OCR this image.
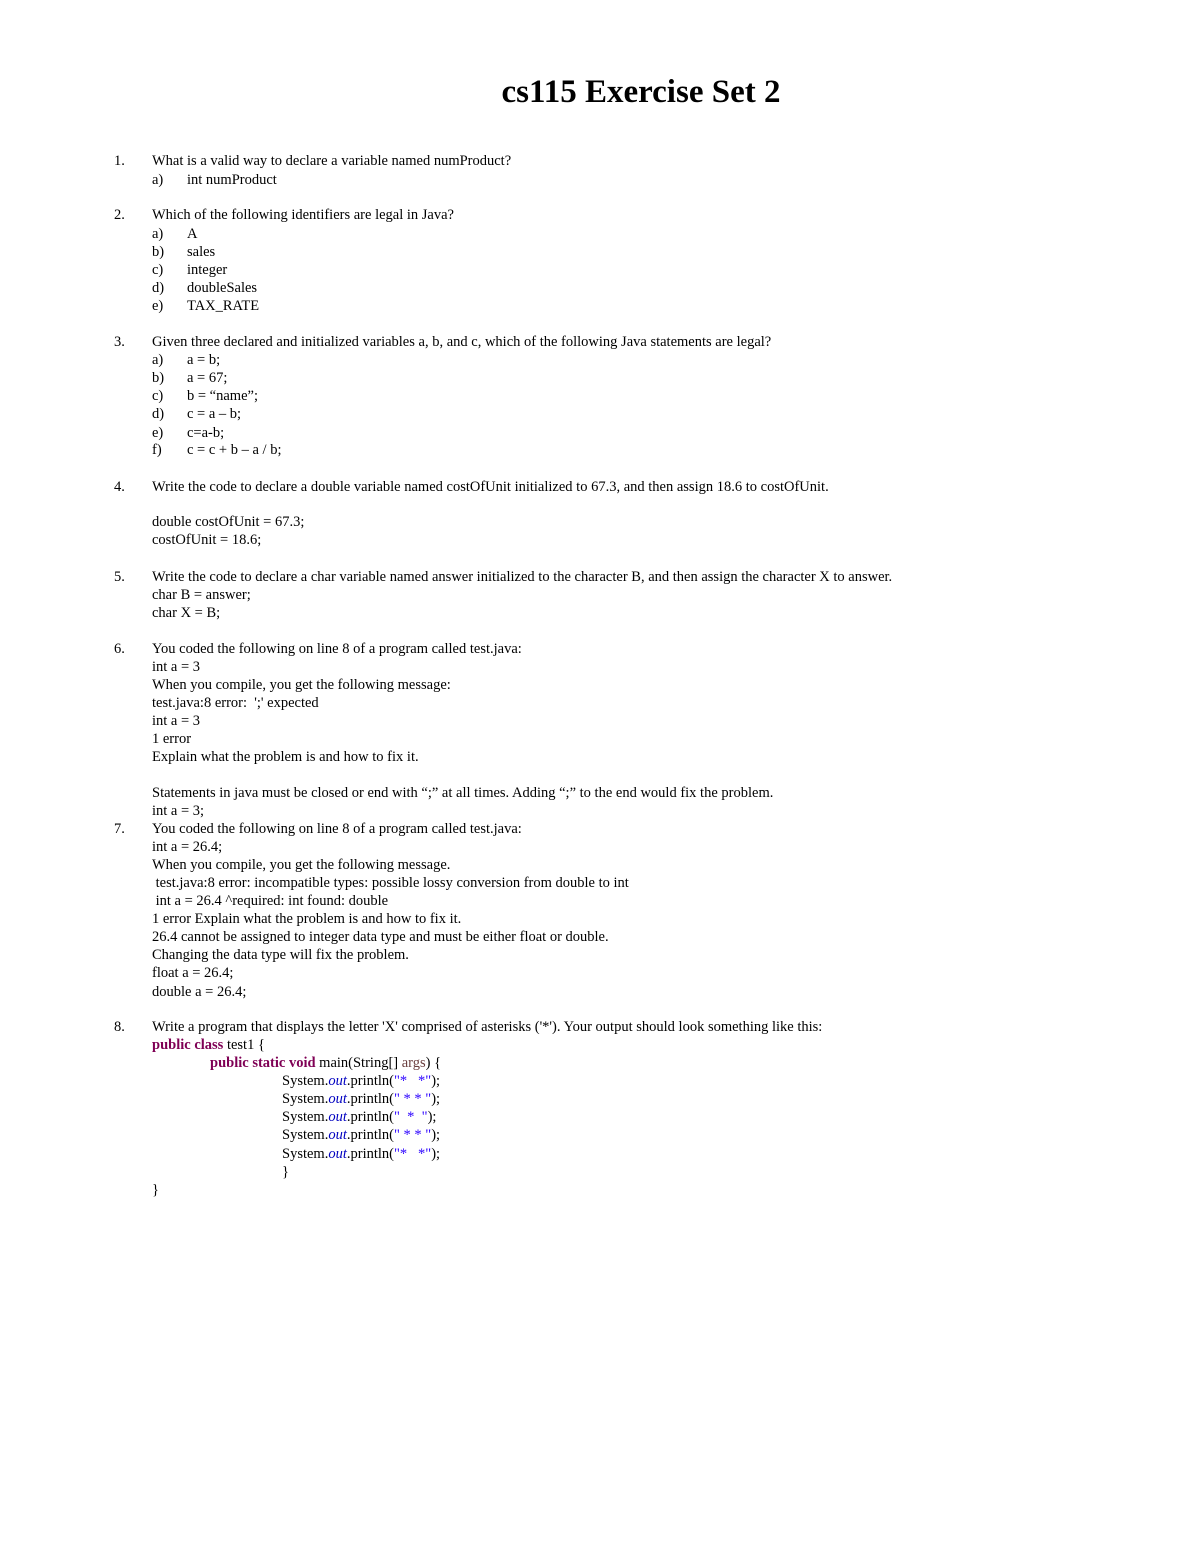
cs115 Exercise Set 2
1. What is a valid way to declare a variable named numProduct?
a) int numProduct
2. Which of the following identifiers are legal in Java?
a) A
b) sales
c) integer
d) doubleSales
e) TAX_RATE
3. Given three declared and initialized variables a, b, and c, which of the following Java statements are legal?
a) a = b;
b) a = 67;
c) b = “name”;
d) c = a – b;
e) c=a-b;
f) c = c + b – a / b;
4. Write the code to declare a double variable named costOfUnit initialized to 67.3, and then assign 18.6 to costOfUnit.
double costOfUnit = 67.3;
costOfUnit = 18.6;
5. Write the code to declare a char variable named answer initialized to the character B, and then assign the character X to answer.
char B = answer;
char X = B;
6. You coded the following on line 8 of a program called test.java:
int a = 3
When you compile, you get the following message:
test.java:8 error:  ';' expected
int a = 3
1 error
Explain what the problem is and how to fix it.
Statements in java must be closed or end with “;” at all times. Adding “;” to the end would fix the problem.
int a = 3;
7. You coded the following on line 8 of a program called test.java:
int a = 26.4;
When you compile, you get the following message.
test.java:8 error: incompatible types: possible lossy conversion from double to int
int a = 26.4 ^required: int found: double
1 error Explain what the problem is and how to fix it.
26.4 cannot be assigned to integer data type and must be either float or double.
Changing the data type will fix the problem.
float a = 26.4;
double a = 26.4;
8. Write a program that displays the letter 'X' comprised of asterisks ('*'). Your output should look something like this:
public class test1 {
public static void main(String[] args) {
System.out.println("*   *");
System.out.println(" * * ");
System.out.println("  *  ");
System.out.println(" * * ");
System.out.println("*   *");
}
}
